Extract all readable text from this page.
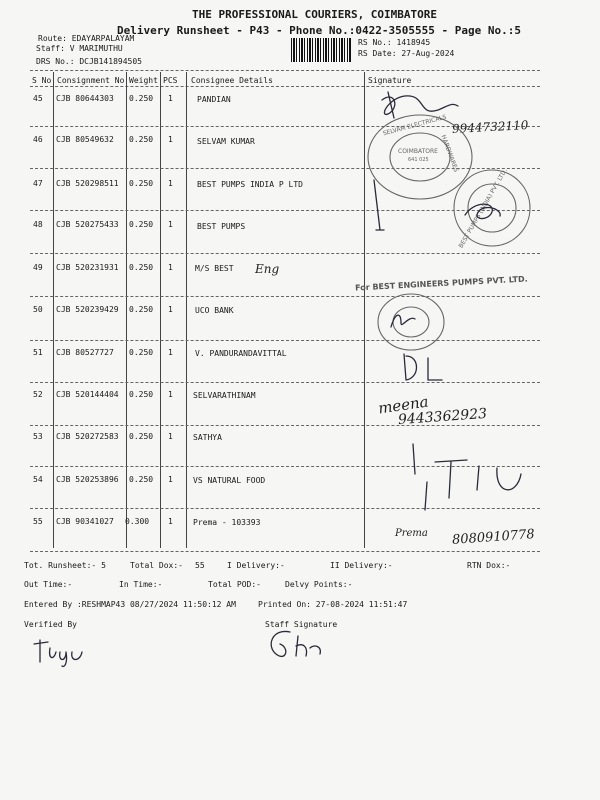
THE PROFESSIONAL COURIERS, COIMBATORE
Delivery Runsheet - P43 - Phone No.:0422-3505555 - Page No.:5
Route: EDAYARPALAYAM
Staff: V MARIMUTHU
DRS No.: DCJB141894505
RS No.: 1418945
RS Date: 27-Aug-2024
S No Consignment No Weight PCS Consignee Details	Signature
45 CJB 80644303 0.250 1	PANDIAN
46 CJB 80549632 0.250 1	SELVAM KUMAR
47 CJB 520298511 0.250 1	BEST PUMPS INDIA P LTD
48 CJB 520275433 0.250 1	BEST PUMPS
49 CJB 520231931 0.250 1	M/S BEST
50 CJB 520239429 0.250 1	UCO BANK
51 CJB 80527727 0.250 1	V. PANDURANDAVITTAL
52 CJB 520144404 0.250 1	SELVARATHINAM
53 CJB 520272583 0.250 1	SATHYA
54 CJB 520253896 0.250 1	VS NATURAL FOOD
55 CJB 90341027 0.300 1	Prema - 103393
Tot. Runsheet:- 5	Total Dox:- 55	I Delivery:-	II Delivery:-	RTN Dox:-
Out Time:-	In Time:-	Total POD:-	Delvy Points:-
Entered By :RESHMAP43 08/27/2024 11:50:12 AM	Printed On: 27-08-2024 11:51:47
Verified By	Staff Signature
9944732110
Eng
meena
9443362923
Prema 8080910778
SELVAM ELECTRICALS
HARDWARES
COIMBATORE
641 025
BEST PUMPS (INDIA) PVT. LTD.
For BEST ENGINEERS PUMPS PVT. LTD.
